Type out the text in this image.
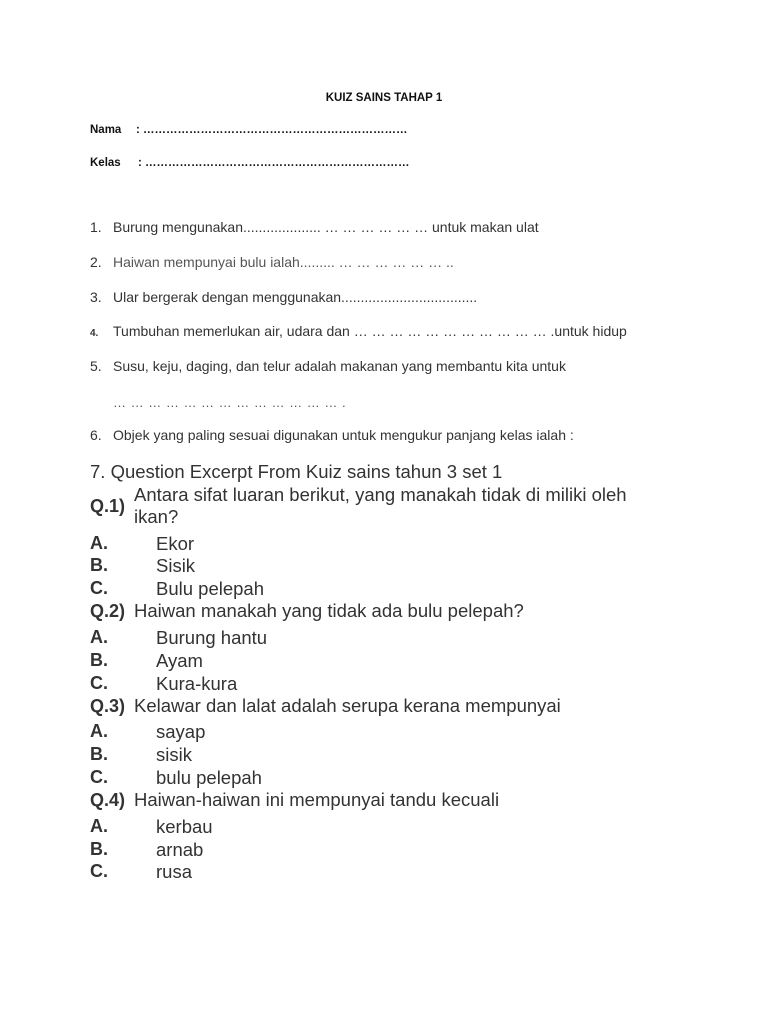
KUIZ SAINS TAHAP 1
Nama : ……………………………………………………………
Kelas : ……………………………………………………………
1. Burung mengunakan.................... … … … … … … untuk makan ulat
2. Haiwan mempunyai bulu ialah......... … … … … … … ..
3. Ular bergerak dengan menggunakan...................................
4. Tumbuhan memerlukan air, udara dan … … … … … … … … … … … .untuk hidup
5. Susu, keju, daging, dan telur adalah makanan yang membantu kita untuk
… … … … … … … … … … … … … .
6. Objek yang paling sesuai digunakan untuk mengukur panjang kelas ialah :
7. Question Excerpt From Kuiz sains tahun 3 set 1
Q.1)
Antara sifat luaran berikut, yang manakah tidak di miliki oleh ikan?
A.	Ekor
B.	Sisik
C.	Bulu pelepah
Q.2) Haiwan manakah yang tidak ada bulu pelepah?
A.	Burung hantu
B.	Ayam
C.	Kura-kura
Q.3) Kelawar dan lalat adalah serupa kerana mempunyai
A.	sayap
B.	sisik
C.	bulu pelepah
Q.4) Haiwan-haiwan ini mempunyai tandu kecuali
A.	kerbau
B.	arnab
C.	rusa
